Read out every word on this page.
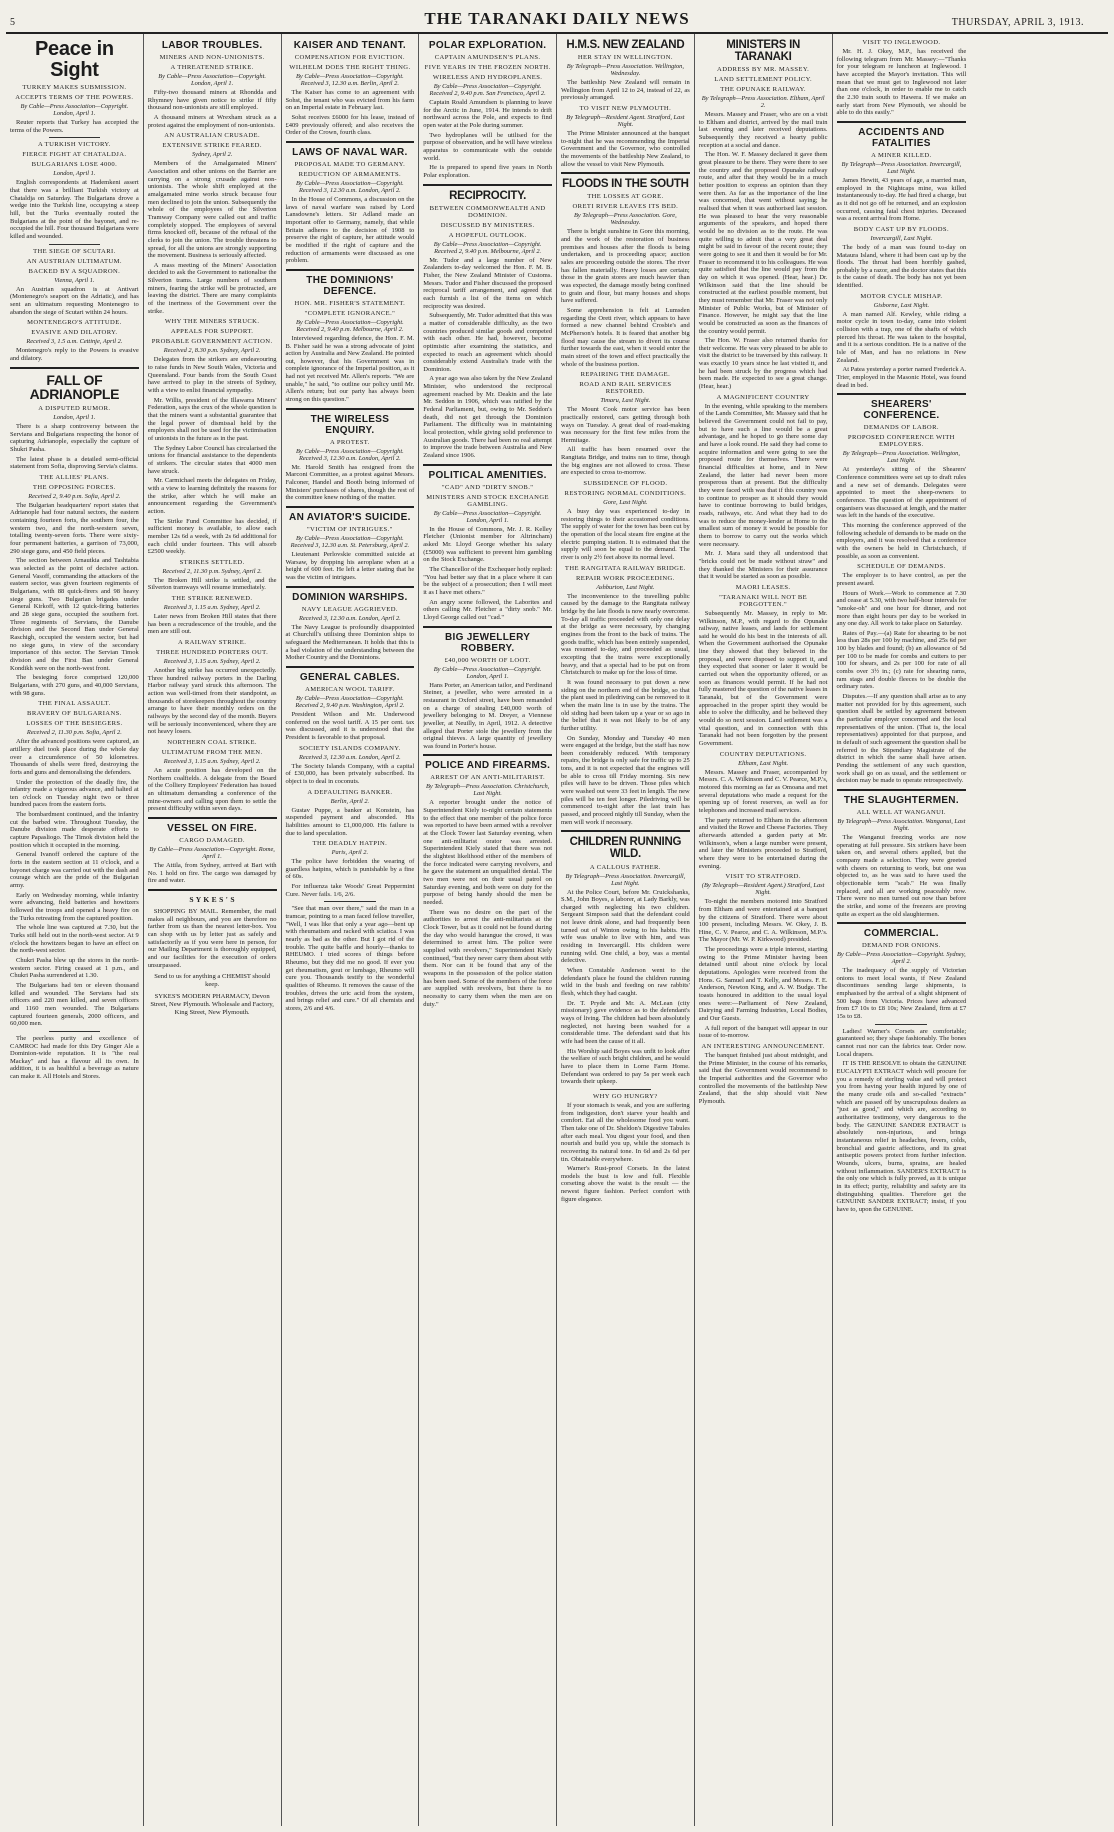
5	THE TARANAKI DAILY NEWS	THURSDAY, APRIL 3, 1913.
Peace in Sight
TURKEY MAKES SUBMISSION.
ACCEPTS TERMS OF THE POWERS.
By Cable—Press Association—Copyright. London, April 1.

Reuter reports that Turkey has accepted the terms of the Powers.

A TURKISH VICTORY.
FIERCE FIGHT AT CHATALDJA.
BULGARIANS LOSE 4000.
London, April 1.

English correspondents at Hademkeni assert that there was a brilliant Turkish victory at Chataldja on Saturday. The Bulgarians drove a wedge into the Turkish line, occupying a steep hill, but the Turks eventually routed the Bulgarians at the point of the bayonet, and re-occupied the hill. Four thousand Bulgarians were killed and wounded.

THE SIEGE OF SCUTARI.
AN AUSTRIAN ULTIMATUM.
BACKED BY A SQUADRON.
Vienna, April 1.

An Austrian squadron is at Antivari (Montenegro's seaport on the Adriatic), and has sent an ultimatum requesting Montenegro to abandon the siege of Scutari within 24 hours.

MONTENEGRO'S ATTITUDE.
EVASIVE AND DILATORY.
Received 3, 1.5 a.m. Cettinje, April 2.

Montenegro's reply to the Powers is evasive and dilatory.

FALL OF ADRIANOPLE
A DISPUTED RUMOR.
London, April 1.

There is a sharp controversy between the Servians and Bulgarians respecting the honor of capturing Adrianople, especially the capture of Shukri Pasha.

The latest phase is a detailed semi-official statement from Sofia, disproving Servia's claims.

THE ALLIES' PLANS.
THE OPPOSING FORCES.
Received 2, 9.40 p.m. Sofia, April 2.

The Bulgarian headquarters' report states that Adrianople had four natural sectors, the eastern containing fourteen forts, the southern four, the western two, and the north-western seven, totalling twenty-seven forts. There were sixty-four permanent batteries, a garrison of 73,000, 290 siege guns, and 450 field pieces.

The section between Arnautkia and Tashtabia was selected as the point of decisive action. General Vasoff, commanding the attackers of the eastern sector, was given fourteen regiments of Bulgarians, with 88 quick-firers and 98 heavy siege guns. Two Bulgarian brigades under General Kirkoff, with 12 quick-firing batteries and 28 siege guns, occupied the southern fort. Three regiments of Servians, the Danube division and the Second Ban under General Raschigh, occupied the western sector, but had no siege guns, in view of the secondary importance of this sector. The Servian Timok division and the First Ban under General Kondikh were on the north-west front.

The besieging force comprised 120,000 Bulgarians, with 270 guns, and 40,000 Servians, with 98 guns.

THE FINAL ASSAULT.
BRAVERY OF BULGARIANS.
LOSSES OF THE BESIEGERS.
Received 2, 11.30 p.m. Sofia, April 2.

After the advanced positions were captured, an artillery duel took place during the whole day over a circumference of 50 kilometres. Thousands of shells were fired, destroying the forts and guns and demoralising the defenders.

Under the protection of the deadly fire, the infantry made a vigorous advance, and halted at ten o'clock on Tuesday night two or three hundred paces from the eastern forts.

The bombardment continued, and the infantry cut the barbed wire. Throughout Tuesday, the Danube division made desperate efforts to capture Papasliogo. The Timok division held the position which it occupied in the morning.

General Ivanoff ordered the capture of the forts in the eastern section at 11 o'clock, and a bayonet charge was carried out with the dash and courage which are the pride of the Bulgarian army.

Early on Wednesday morning, while infantry were advancing, field batteries and howitzers followed the troops and opened a heavy fire on the Turks retreating from the captured position.

The whole line was captured at 7.30, but the Turks still held out in the north-west sector. At 9 o'clock the howitzers began to have an effect on the north-west sector.

Chukri Pasha blew up the stores in the north-western sector. Firing ceased at 1 p.m., and Chukri Pasha surrendered at 1.30.

The Bulgarians had ten or eleven thousand killed and wounded. The Servians had six officers and 220 men killed, and seven officers and 1160 men wounded. The Bulgarians captured fourteen generals, 2000 officers, and 60,000 men.

The peerless purity and excellence of CAMROC had made for this Dry Ginger Ale a Dominion-wide reputation. It is "the real Mackay" and has a flavour all its own. In addition, it is as healthful a beverage as nature can make it. All Hotels and Stores.

LABOR TROUBLES.
MINERS AND NON-UNIONISTS.
A THREATENED STRIKE.
By Cable—Press Association—Copyright. London, April 1.

Fifty-two thousand miners at Rhondda and Rhymney have given notice to strike if fifty thousand non-unionists are still employed.

A thousand miners at Wrexham struck as a protest against the employment of non-unionists.

AN AUSTRALIAN CRUSADE.
EXTENSIVE STRIKE FEARED.
Sydney, April 2.

Members of the Amalgamated Miners' Association and other unions on the Barrier are carrying on a strong crusade against non-unionists. The whole shift employed at the amalgamated mine works struck because four men declined to join the union. Subsequently the whole of the employees of the Silverton Tramway Company were called out and traffic completely stopped. The employees of several firms knocked off, because of the refusal of the clerks to join the union. The trouble threatens to spread, for all the unions are strongly supporting the movement. Business is seriously affected.

A mass meeting of the Miners' Association decided to ask the Government to nationalise the Silverton trams. Large numbers of southern miners, fearing the strike will be protracted, are leaving the district. There are many complaints of the inertness of the Government over the strike.

WHY THE MINERS STRUCK.
APPEALS FOR SUPPORT.
PROBABLE GOVERNMENT ACTION.
Received 2, 8.30 p.m. Sydney, April 2.

Delegates from the strikers are endeavouring to raise funds in New South Wales, Victoria and Queensland. Four bands from the South Coast have arrived to play in the streets of Sydney, with a view to enlist financial sympathy.

Mr. Willis, president of the Illawarra Miners' Federation, says the crux of the whole question is that the miners want a substantial guarantee that the legal power of dismissal held by the employers shall not be used for the victimisation of unionists in the future as in the past.

The Sydney Labor Council has circularised the unions for financial assistance to the dependents of strikers. The circular states that 4000 men have struck.

Mr. Carmichael meets the delegates on Friday, with a view to learning definitely the reasons for the strike, after which he will make an announcement regarding the Government's action.

The Strike Fund Committee has decided, if sufficient money is available, to allow each member 12s 6d a week, with 2s 6d additional for each child under fourteen. This will absorb £2500 weekly.

STRIKES SETTLED.
Received 2, 11.30 p.m. Sydney, April 2.

The Broken Hill strike is settled, and the Silverton tramways will resume immediately.

THE STRIKE RENEWED.
Received 3, 1.15 a.m. Sydney, April 2.

Later news from Broken Hill states that there has been a recrudescence of the trouble, and the men are still out.

A RAILWAY STRIKE.
THREE HUNDRED PORTERS OUT.
Received 3, 1.15 a.m. Sydney, April 2.

Another big strike has occurred unexpectedly. Three hundred railway porters in the Darling Harbor railway yard struck this afternoon. The action was well-timed from their standpoint, as thousands of storekeepers throughout the country arrange to have their monthly orders on the railways by the second day of the month. Buyers will be seriously inconvenienced, where they are not heavy losers.

NORTHERN COAL STRIKE.
ULTIMATUM FROM THE MEN.
Received 3, 1.15 a.m. Sydney, April 2.

An acute position has developed on the Northern coalfields. A delegate from the Board of the Colliery Employees' Federation has issued an ultimatum demanding a conference of the mine-owners and calling upon them to settle the present difficulty within seven days.

VESSEL ON FIRE.
CARGO DAMAGED.
By Cable—Press Association—Copyright. Rome, April 1.

The Attila, from Sydney, arrived at Bari with No. 1 hold on fire. The cargo was damaged by fire and water.

S Y K E S ' S

SHOPPING BY MAIL. Remember, the mail makes all neighbours, and you are therefore no farther from us than the nearest letter-box. You can shop with us by letter just as safely and satisfactorily as if you were here in person, for our Mailing Department is thoroughly equipped, and our facilities for the execution of orders unsurpassed.

Send to us for anything a CHEMIST should keep.
SYKES'S MODERN PHARMACY, Devon Street, New Plymouth. Wholesale and Factory, King Street, New Plymouth.
KAISER AND TENANT.
COMPENSATION FOR EVICTION.
WILHELM DOES THE RIGHT THING.
By Cable—Press Association—Copyright. Received 3, 12.30 a.m. Berlin, April 2.

The Kaiser has come to an agreement with Sohst, the tenant who was evicted from his farm on an Imperial estate in February last.

Sohst receives £6000 for his lease, instead of £409 previously offered; and also receives the Order of the Crown, fourth class.

LAWS OF NAVAL WAR.
PROPOSAL MADE TO GERMANY.
REDUCTION OF ARMAMENTS.
By Cable—Press Association—Copyright. Received 3, 12.30 a.m. London, April 2.

In the House of Commons, a discussion on the laws of naval warfare was raised by Lord Lansdowne's letters. Sir Adland made an important offer to Germany, namely, that while Britain adheres to the decision of 1908 to preserve the right of capture, her attitude would be modified if the right of capture and the reduction of armaments were discussed as one problem.

THE DOMINIONS' DEFENCE.
HON. MR. FISHER'S STATEMENT.
"COMPLETE IGNORANCE."
By Cable—Press Association—Copyright. Received 2, 9.40 p.m. Melbourne, April 2.

Interviewed regarding defence, the Hon. F. M. B. Fisher said he was a strong advocate of joint action by Australia and New Zealand. He pointed out, however, that his Government was in complete ignorance of the Imperial position, as it had not yet received Mr. Allen's reports. "We are unable," he said, "to outline our policy until Mr. Allen's return; but our party has always been strong on this question."

THE WIRELESS ENQUIRY.
A PROTEST.
By Cable—Press Association—Copyright. Received 3, 12.30 a.m. London, April 2.

Mr. Harold Smith has resigned from the Marconi Committee, as a protest against Messrs. Falconer, Handel and Booth being informed of Ministers' purchases of shares, though the rest of the committee knew nothing of the matter.

AN AVIATOR'S SUICIDE.
"VICTIM OF INTRIGUES."
By Cable—Press Association—Copyright. Received 3, 12.30 a.m. St. Petersburg, April 2.

Lieutenant Perlovskie committed suicide at Warsaw, by dropping his aeroplane when at a height of 600 feet. He left a letter stating that he was the victim of intrigues.

DOMINION WARSHIPS.
NAVY LEAGUE AGGRIEVED.
Received 3, 12.30 a.m. London, April 2.

The Navy League is profoundly disappointed at Churchill's utilising three Dominion ships to safeguard the Mediterranean. It holds that this is a bad violation of the understanding between the Mother Country and the Dominions.

GENERAL CABLES.
AMERICAN WOOL TARIFF.
By Cable—Press Association—Copyright. Received 2, 9.40 p.m. Washington, April 2.

President Wilson and Mr. Underwood conferred on the wool tariff. A 15 per cent. tax was discussed, and it is understood that the President is favorable to that proposal.

SOCIETY ISLANDS COMPANY.
Received 3, 12.30 a.m. London, April 2.

The Society Islands Company, with a capital of £30,000, has been privately subscribed. Its object is to deal in coconuts.

A DEFAULTING BANKER.
Berlin, April 2.

Gustav Puppe, a banker at Konstein, has suspended payment and absconded. His liabilities amount to £1,000,000. His failure is due to land speculation.

THE DEADLY HATPIN.
Paris, April 2.

The police have forbidden the wearing of guardless hatpins, which is punishable by a fine of 60s.

For influenza take Woods' Great Peppermint Cure. Never fails. 1/6, 2/6.

"See that man over there," said the man in a tramcar, pointing to a man faced fellow traveller, "Well, I was like that only a year ago—bent up with rheumatism and racked with sciatica. I was nearly as bad as the other. But I got rid of the trouble. The quite baffle and hourly—thanks to RHEUMO. I tried scores of things before Rheumo, but they did me no good. If ever you get rheumatism, gout or lumbago, Rheumo will cure you. Thousands testify to the wonderful qualities of Rheumo. It removes the cause of the troubles, drives the uric acid from the system, and brings relief and cure." Of all chemists and stores, 2/6 and 4/6.

POLAR EXPLORATION.
CAPTAIN AMUNDSEN'S PLANS.
FIVE YEARS IN THE FROZEN NORTH.
WIRELESS AND HYDROPLANES.
By Cable—Press Association—Copyright. Received 2, 9.40 p.m. San Francisco, April 2.

Captain Roald Amundsen is planning to leave for the Arctic in June, 1914. He intends to drift northward across the Pole, and expects to find open water at the Pole during summer.

Two hydroplanes will be utilised for the purpose of observation, and he will have wireless apparatus to communicate with the outside world.

He is prepared to spend five years in North Polar exploration.

RECIPROCITY.
BETWEEN COMMONWEALTH AND DOMINION.
DISCUSSED BY MINISTERS.
A HOPEFUL OUTLOOK.
By Cable—Press Association—Copyright. Received 2, 9.40 p.m. Melbourne, April 2.

Mr. Tudor and a large number of New Zealanders to-day welcomed the Hon. F. M. B. Fisher, the New Zealand Minister of Customs. Messrs. Tudor and Fisher discussed the proposed reciprocal tariff arrangement, and agreed that each furnish a list of the items on which reciprocity was desired.

Subsequently, Mr. Tudor admitted that this was a matter of considerable difficulty, as the two countries produced similar goods and competed with each other. He had, however, become optimistic after examining the statistics, and expected to reach an agreement which should considerably extend Australia's trade with the Dominion.

A year ago was also taken by the New Zealand Minister, who understood the reciprocal agreement reached by Mr. Deakin and the late Mr. Seddon in 1906, which was ratified by the Federal Parliament, but, owing to Mr. Seddon's death, did not get through the Dominion Parliament. The difficulty was in maintaining local protection, while giving solid preference to Australian goods. There had been no real attempt to improve the trade between Australia and New Zealand since 1906.

POLITICAL AMENITIES.
"CAD" AND "DIRTY SNOB."
MINISTERS AND STOCK EXCHANGE GAMBLING.
By Cable—Press Association—Copyright. London, April 1.

In the House of Commons, Mr. J. R. Kelley Fletcher (Unionist member for Altrincham) asked Mr. Lloyd George whether his salary (£5000) was sufficient to prevent him gambling on the Stock Exchange.

The Chancellor of the Exchequer hotly replied: "You had better say that in a place where it can be the subject of a prosecution; then I will meet it as I have met others."

An angry scene followed, the Laborites and others calling Mr. Fletcher a "dirty snob." Mr. Lloyd George called out "cad."

BIG JEWELLERY ROBBERY.
£40,000 WORTH OF LOOT.
By Cable—Press Association—Copyright. London, April 1.

Hans Porter, an American tailor, and Ferdinand Steiner, a jeweller, who were arrested in a restaurant in Oxford street, have been remanded on a charge of stealing £40,000 worth of jewellery belonging to M. Dreyer, a Viennese jeweller, at Neuilly, in April, 1912. A detective alleged that Porter stole the jewellery from the original thieves. A large quantity of jewellery was found in Porter's house.

POLICE AND FIREARMS.
ARREST OF AN ANTI-MILITARIST.
By Telegraph—Press Association. Christchurch, Last Night.

A reporter brought under the notice of Superintendent Kiely to-night certain statements to the effect that one member of the police force was reported to have been armed with a revolver at the Clock Tower last Saturday evening, when one anti-militarist orator was arrested. Superintendent Kiely stated that there was not the slightest likelihood either of the members of the force indicated were carrying revolvers, and he gave the statement an unqualified denial. The two men were not on their usual patrol on Saturday evening, and both were on duty for the purpose of being handy should the men be needed.

There was no desire on the part of the authorities to arrest the anti-militarists at the Clock Tower, but as it could not be found during the day who would harangue the crowd, it was determined to arrest him. The police were supplied with revolvers," Superintendent Kiely continued, "but they never carry them about with them. Nor can it be found that any of the weapons in the possession of the police station has been used. Some of the members of the force are supplied with revolvers, but there is no necessity to carry them when the men are on duty."

H.M.S. NEW ZEALAND
HER STAY IN WELLINGTON.
By Telegraph—Press Association. Wellington, Wednesday.

The battleship New Zealand will remain in Wellington from April 12 to 24, instead of 22, as previously arranged.

TO VISIT NEW PLYMOUTH.
By Telegraph—Resident Agent. Stratford, Last Night.

The Prime Minister announced at the banquet to-night that he was recommending the Imperial Government and the Governor, who controlled the movements of the battleship New Zealand, to allow the vessel to visit New Plymouth.

FLOODS IN THE SOUTH
THE LOSSES AT GORE.
ORETI RIVER LEAVES ITS BED.
By Telegraph—Press Association. Gore, Wednesday.

There is bright sunshine in Gore this morning, and the work of the restoration of business premises and houses after the floods is being undertaken, and is proceeding apace; auction sales are proceeding outside the stores. The river has fallen materially. Heavy losses are certain; those in the grain stores are much heavier than was expected, the damage mostly being confined to grain and flour, but many houses and shops have suffered.

Some apprehension is felt at Lumsden regarding the Oreti river, which appears to have formed a new channel behind Crosbie's and McPherson's hotels. It is feared that another big flood may cause the stream to divert its course further towards the east, when it would enter the main street of the town and effect practically the whole of the business portion.

REPAIRING THE DAMAGE.
ROAD AND RAIL SERVICES RESTORED.
Timaru, Last Night.

The Mount Cook motor service has been practically restored, cars getting through both ways on Tuesday. A great deal of road-making was necessary for the first few miles from the Hermitage.

All traffic has been resumed over the Rangitata Bridge, and trains ran to time, though the big engines are not allowed to cross. These are expected to cross to-morrow.

SUBSIDENCE OF FLOOD.
RESTORING NORMAL CONDITIONS.
Gore, Last Night.

A busy day was experienced to-day in restoring things to their accustomed conditions. The supply of water for the town has been cut by the operation of the local steam fire engine at the electric pumping station. It is estimated that the supply will soon be equal to the demand. The river is only 2½ feet above its normal level.

THE RANGITATA RAILWAY BRIDGE.
REPAIR WORK PROCEEDING.
Ashburton, Last Night.

The inconvenience to the travelling public caused by the damage to the Rangitata railway bridge by the late floods is now nearly overcome. To-day all traffic proceeded with only one delay at the bridge as were necessary, by changing engines from the front to the back of trains. The goods traffic, which has been entirely suspended, was resumed to-day, and proceeded as usual, excepting that the trains were exceptionally heavy, and that a special had to be put on from Christchurch to make up for the loss of time.

It was found necessary to put down a new siding on the northern end of the bridge, so that the plant used in piledriving can be removed to it when the main line is in use by the trains. The old siding had been taken up a year or so ago in the belief that it was not likely to be of any further utility.

On Sunday, Monday and Tuesday 40 men were engaged at the bridge, but the staff has now been considerably reduced. With temporary repairs, the bridge is only safe for traffic up to 25 tons, and it is not expected that the engines will be able to cross till Friday morning. Six new piles will have to be driven. Those piles which were washed out were 33 feet in length. The new piles will be ten feet longer. Piledriving will be commenced to-night after the last train has passed, and proceed nightly till Sunday, when the men will work if necessary.

CHILDREN RUNNING WILD.
A CALLOUS FATHER.
By Telegraph—Press Association. Invercargill, Last Night.

At the Police Court, before Mr. Cruickshanks, S.M., John Boyes, a laborer, at Lady Barkly, was charged with neglecting his two children. Sergeant Simpson said that the defendant could not leave drink alone, and had frequently been turned out of Winton owing to his habits. His wife was unable to live with him, and was residing in Invercargill. His children were running wild. One child, a boy, was a mental defective.

When Constable Anderson went to the defendant's place he found the children running wild in the bush and feeding on raw rabbits' flesh, which they had caught.

Dr. T. Pryde and Mr. A. McLean (city missionary) gave evidence as to the defendant's ways of living. The children had been absolutely neglected, not having been washed for a considerable time. The defendant said that his wife had been the cause of it all.

His Worship said Boyes was unfit to look after the welfare of such bright children, and he would have to place them in Lorne Farm Home. Defendant was ordered to pay 5s per week each towards their upkeep.

WHY GO HUNGRY?

If your stomach is weak, and you are suffering from indigestion, don't starve your health and comfort. Eat all the wholesome food you want. Then take one of Dr. Sheldon's Digestive Tabules after each meal. You digest your food, and then nourish and build you up, while the stomach is recovering its natural tone. In 6d and 2s 6d per tin. Obtainable everywhere.

Warner's Rust-proof Corsets. In the latest models the bust is low and full. Flexible corseting above the waist is the result — the newest figure fashion. Perfect comfort with figure elegance.

MINISTERS IN TARANAKI
ADDRESS BY MR. MASSEY.
LAND SETTLEMENT POLICY.
THE OPUNAKE RAILWAY.
By Telegraph—Press Association. Eltham, April 2.

Messrs. Massey and Fraser, who are on a visit to Eltham and district, arrived by the mail train last evening and later received deputations. Subsequently they received a hearty public reception at a social and dance.

The Hon. W. F. Massey declared it gave them great pleasure to be there. They were there to see the country and the proposed Opunake railway route, and after that they would be in a much better position to express an opinion than they were then. As far as the importance of the line was concerned, that went without saying; he realised that when it was authorised last session. He was pleased to hear the very reasonable arguments of the speakers, and hoped there would be no division as to the route. He was quite willing to admit that a very great deal might be said in favour of the recent route; they were going to see it and then it would be for Mr. Fraser to recommend it to his colleagues. He was quite satisfied that the line would pay from the day on which it was opened. (Hear, hear.) Dr. Wilkinson said that the line should be constructed at the earliest possible moment, but they must remember that Mr. Fraser was not only Minister of Public Works, but of Minister of Finance. However, he might say that the line would be constructed as soon as the finances of the country would permit.

The Hon. W. Fraser also returned thanks for their welcome. He was very pleased to be able to visit the district to be traversed by this railway. It was exactly 10 years since he last visited it, and he had been struck by the progress which had been made. He expected to see a great change. (Hear, hear.)

A MAGNIFICENT COUNTRY

In the evening, while speaking to the members of the Lands Committee, Mr. Massey said that he believed the Government could not fail to pay, but to have such a line would be a great advantage, and he hoped to go there some day and have a look round. He said they had come to acquire information and were going to see the proposed route for themselves. There were financial difficulties at home, and in New Zealand, the latter had never been more prosperous than at present. But the difficulty they were faced with was that if this country was to continue to prosper as it should they would have to continue borrowing to build bridges, roads, railways, etc. And what they had to do was to reduce the money-lender at Home to the smallest sum of money it would be possible for them to borrow to carry out the works which were necessary.

Mr. J. Mara said they all understood that "bricks could not be made without straw" and they thanked the Ministers for their assurance that it would be started as soon as possible.

MAORI LEASES.
"TARANAKI WILL NOT BE FORGOTTEN."

Subsequently Mr. Massey, in reply to Mr. Wilkinson, M.P., with regard to the Opunake railway, native leases, and lands for settlement said he would do his best in the interests of all. When the Government authorised the Opunake line they showed that they believed in the proposal, and were disposed to support it, and they expected that sooner or later it would be carried out when the opportunity offered, or as soon as finances would permit. If he had not fully mastered the question of the native leases in Taranaki, but of the Government were approached in the proper spirit they would be able to solve the difficulty, and he believed they would do so next session. Land settlement was a vital question, and in connection with this Taranaki had not been forgotten by the present Government.

COUNTRY DEPUTATIONS.
Eltham, Last Night.

Messrs. Massey and Fraser, accompanied by Messrs. C. A. Wilkinson and C. V. Pearce, M.P.'s, motored this morning as far as Omoana and met several deputations who made a request for the opening up of forest reserves, as well as for telephones and increased mail services.

The party returned to Eltham in the afternoon and visited the Rowe and Cheese Factories. They afterwards attended a garden party at Mr. Wilkinson's, when a large number were present, and later the Ministers proceeded to Stratford, where they were to be entertained during the evening.

VISIT TO STRATFORD.
(By Telegraph—Resident Agent.) Stratford, Last Night.

To-night the members motored into Stratford from Eltham and were entertained at a banquet by the citizens of Stratford. There were about 100 present, including Messrs. W. Okey, J. B. Hine, C. V. Pearce, and C. A. Wilkinson, M.P.'s. The Mayor (Mr. W. P. Kirkwood) presided.

The proceedings were a triple interest, starting owing to the Prime Minister having been detained until about nine o'clock by local deputations. Apologies were received from the Hons. G. Samuel and T. Kelly, and Messrs. F. E. Anderson, Newton King, and A. W. Budge. The toasts honoured in addition to the usual loyal ones were:—Parliament of New Zealand, Dairying and Farming Industries, Local Bodies, and Our Guests.

A full report of the banquet will appear in our issue of to-morrow.

AN INTERESTING ANNOUNCEMENT.

The banquet finished just about midnight, and the Prime Minister, in the course of his remarks, said that the Government would recommend to the Imperial authorities and the Governor who controlled the movements of the battleship New Zealand, that the ship should visit New Plymouth.

VISIT TO INGLEWOOD.

Mr. H. J. Okey, M.P., has received the following telegram from Mr. Massey:—"Thanks for your telegram re luncheon at Inglewood. I have accepted the Mayor's invitation. This will mean that we must get to Inglewood not later than one o'clock, in order to enable me to catch the 2.30 train south to Hawera. If we make an early start from New Plymouth, we should be able to do this easily."

ACCIDENTS AND FATALITIES
A MINER KILLED.
By Telegraph—Press Association. Invercargill, Last Night.

James Hewitt, 43 years of age, a married man, employed in the Nightcaps mine, was killed instantaneously to-day. He had fired a charge, but as it did not go off he returned, and an explosion occurred, causing fatal chest injuries. Deceased was a recent arrival from Home.

BODY CAST UP BY FLOODS.
Invercargill, Last Night.

The body of a man was found to-day on Mataura Island, where it had been cast up by the floods. The throat had been horribly gashed, probably by a razor, and the doctor states that this is the cause of death. The body has not yet been identified.

MOTOR CYCLE MISHAP.
Gisborne, Last Night.

A man named Alf. Kewley, while riding a motor cycle in town to-day, came into violent collision with a trap, one of the shafts of which pierced his throat. He was taken to the hospital, and it is a serious condition. He is a native of the Isle of Man, and has no relations in New Zealand.

At Patea yesterday a porter named Frederick A. Trier, employed in the Masonic Hotel, was found dead in bed.

SHEARERS' CONFERENCE.
DEMANDS OF LABOR.
PROPOSED CONFERENCE WITH EMPLOYERS.
By Telegraph—Press Association. Wellington, Last Night.

At yesterday's sitting of the Shearers' Conference committees were set up to draft rules and a new set of demands. Delegates were appointed to meet the sheep-owners to conference. The question of the appointment of organisers was discussed at length, and the matter was left in the hands of the executive.

This morning the conference approved of the following schedule of demands to be made on the employers, and it was resolved that a conference with the owners be held in Christchurch, if possible, as soon as convenient.

SCHEDULE OF DEMANDS.

The employer is to have control, as per the present award.

Hours of Work.—Work to commence at 7.30 and cease at 5.30, with two half-hour intervals for "smoke-oh" and one hour for dinner, and not more than eight hours per day to be worked in any one day. All work to take place on Saturday.

Rates of Pay.—(a) Rate for shearing to be not less than 28s per 100 by machine, and 25s 6d per 100 by blades and found; (b) an allowance of 5d per 100 to be made for combs and cutters to per 100 for shears, and 2s per 100 for rate of all combs over 3½ in.; (c) rate for shearing rams, ram stags and double fleeces to be double the ordinary rates.

Disputes.—If any question shall arise as to any matter not provided for by this agreement, such question shall be settled by agreement between the particular employer concerned and the local representatives of the union. (That is, the local representatives) appointed for that purpose, and in default of such agreement the question shall be referred to the Stipendiary Magistrate of the district in which the same shall have arisen. Pending the settlement of any such question, work shall go on as usual, and the settlement or decision may be made to operate retrospectively.

THE SLAUGHTERMEN.
ALL WELL AT WANGANUI.
By Telegraph—Press Association. Wanganui, Last Night.

The Wanganui freezing works are now operating at full pressure. Six strikers have been taken on, and several others applied, but the company made a selection. They were greeted with cheers on returning to work, but one was objected to, as he was said to have used the objectionable term "scab." He was finally replaced, and all are working peaceably now. There were no men turned out now than before the strike, and some of the freezers are proving quite as expert as the old slaughtermen.

COMMERCIAL.
DEMAND FOR ONIONS.
By Cable—Press Association—Copyright. Sydney, April 2.

The inadequacy of the supply of Victorian onions to meet local wants, if New Zealand discontinues sending large shipments, is emphasised by the arrival of a slight shipment of 500 bags from Victoria. Prices have advanced from £7 10s to £8 10s; New Zealand, firm at £7 15s to £8.

Ladies! Warner's Corsets are comfortable; guaranteed so; they shape fashionably. The bones cannot rust nor can the fabrics tear. Order now. Local drapers.

IT IS THE RESOLVE to obtain the GENUINE EUCALYPTI EXTRACT which will procure for you a remedy of sterling value and will protect you from having your health injured by one of the many crude oils and so-called "extracts" which are passed off by unscrupulous dealers as "just as good," and which are, according to authoritative testimony, very dangerous to the body. The GENUINE SANDER EXTRACT is absolutely non-injurious, and brings instantaneous relief in headaches, fevers, colds, bronchial and gastric affections, and its great antiseptic powers protect from further infection. Wounds, ulcers, burns, sprains, are healed without inflammation. SANDER'S EXTRACT is the only one which is fully proved, as it is unique in its effect; purity, reliability and safety are its distinguishing qualities. Therefore get the GENUINE SANDER EXTRACT; insist, if you have to, upon the GENUINE.
